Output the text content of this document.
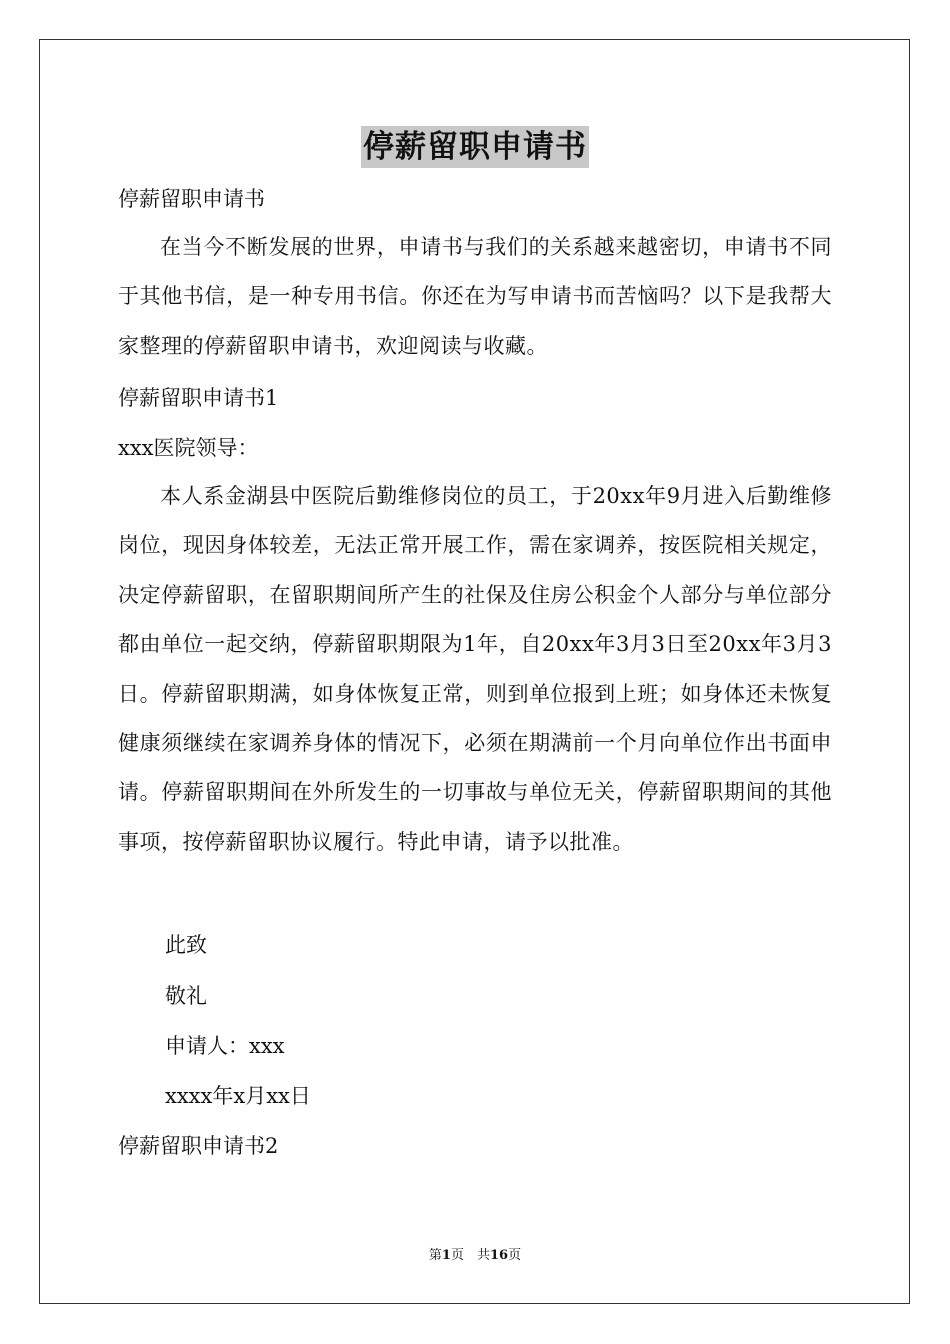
停薪留职申请书
停薪留职申请书
在当今不断发展的世界，申请书与我们的关系越来越密切，申请书不同于其他书信，是一种专用书信。你还在为写申请书而苦恼吗？以下是我帮大家整理的停薪留职申请书，欢迎阅读与收藏。
停薪留职申请书1
xxx医院领导：
本人系金湖县中医院后勤维修岗位的员工，于20xx年9月进入后勤维修岗位，现因身体较差，无法正常开展工作，需在家调养，按医院相关规定，决定停薪留职，在留职期间所产生的社保及住房公积金个人部分与单位部分都由单位一起交纳，停薪留职期限为1年，自20xx年3月3日至20xx年3月3日。停薪留职期满，如身体恢复正常，则到单位报到上班；如身体还未恢复健康须继续在家调养身体的情况下，必须在期满前一个月向单位作出书面申请。停薪留职期间在外所发生的一切事故与单位无关，停薪留职期间的其他事项，按停薪留职协议履行。特此申请，请予以批准。
此致
敬礼
申请人：xxx
xxxx年x月xx日
停薪留职申请书2
第1页　共16页
